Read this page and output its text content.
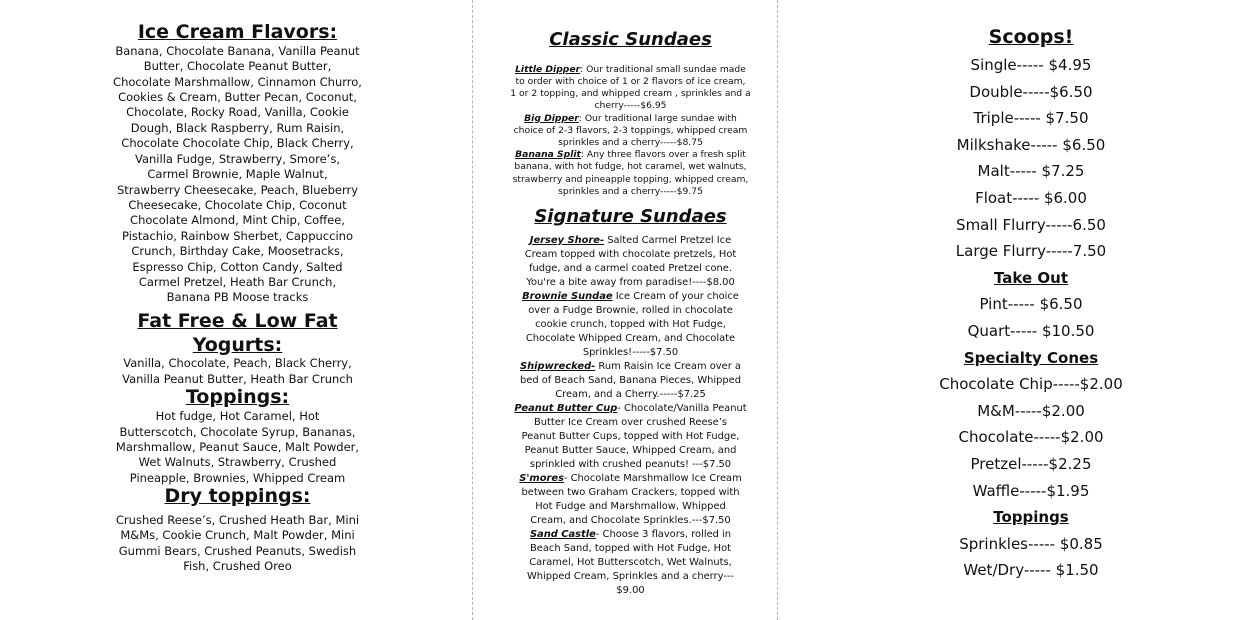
Ice Cream Flavors:

Banana, Chocolate Banana, Vanilla Peanut

Butter, Chocolate Peanut Butter,

Chocolate Marshmallow, Cinnamon Churro,

Cookies & Cream, Butter Pecan, Coconut,

Chocolate, Rocky Road, Vanilla, Cookie

Dough, Black Raspberry, Rum Raisin,

Chocolate Chocolate Chip, Black Cherry,

Vanilla Fudge, Strawberry, Smore’s,

Carmel Brownie, Maple Walnut,

Strawberry Cheesecake, Peach, Blueberry

Cheesecake, Chocolate Chip, Coconut

Chocolate Almond, Mint Chip, Coffee,

Pistachio, Rainbow Sherbet, Cappuccino

Crunch, Birthday Cake, Moosetracks,

Espresso Chip, Cotton Candy, Salted

Carmel Pretzel, Heath Bar Crunch,

Banana PB Moose tracks

Fat Free & Low Fat
Yogurts:

Vanilla, Chocolate, Peach, Black Cherry,

Vanilla Peanut Butter, Heath Bar Crunch

Toppings:

Hot fudge, Hot Caramel, Hot

Butterscotch, Chocolate Syrup, Bananas,

Marshmallow, Peanut Sauce, Malt Powder,

Wet Walnuts, Strawberry, Crushed

Pineapple, Brownies, Whipped Cream

Dry toppings:

Crushed Reese’s, Crushed Heath Bar, Mini

M&Ms, Cookie Crunch, Malt Powder, Mini

Gummi Bears, Crushed Peanuts, Swedish

Fish, Crushed Oreo

Classic Sundaes

Little Dipper: Our traditional small sundae made

to order with choice of 1 or 2 flavors of ice cream,

1 or 2 topping, and whipped cream , sprinkles and a

cherry-----$6.95

Big Dipper: Our traditional large sundae with

choice of 2-3 flavors, 2-3 toppings, whipped cream

sprinkles and a cherry-----$8.75

Banana Split: Any three flavors over a fresh split

banana, with hot fudge, hot caramel, wet walnuts,

strawberry and pineapple topping, whipped cream,

sprinkles and a cherry-----$9.75

Signature Sundaes

Jersey Shore- Salted Carmel Pretzel Ice

Cream topped with chocolate pretzels, Hot

fudge, and a carmel coated Pretzel cone.

You're a bite away from paradise!----$8.00

Brownie Sundae Ice Cream of your choice

over a Fudge Brownie, rolled in chocolate

cookie crunch, topped with Hot Fudge,

Chocolate Whipped Cream, and Chocolate

Sprinkles!-----$7.50

Shipwrecked- Rum Raisin Ice Cream over a

bed of Beach Sand, Banana Pieces, Whipped

Cream, and a Cherry.-----$7.25

Peanut Butter Cup- Chocolate/Vanilla Peanut

Butter Ice Cream over crushed Reese’s

Peanut Butter Cups, topped with Hot Fudge,

Peanut Butter Sauce, Whipped Cream, and

sprinkled with crushed peanuts! ---$7.50

S'mores- Chocolate Marshmallow Ice Cream

between two Graham Crackers, topped with

Hot Fudge and Marshmallow, Whipped

Cream, and Chocolate Sprinkles.---$7.50

Sand Castle- Choose 3 flavors, rolled in

Beach Sand, topped with Hot Fudge, Hot

Caramel, Hot Butterscotch, Wet Walnuts,

Whipped Cream, Sprinkles and a cherry---

$9.00

Scoops!

Single----- $4.95

Double-----$6.50

Triple----- $7.50

Milkshake----- $6.50

Malt----- $7.25

Float----- $6.00

Small Flurry-----6.50

Large Flurry-----7.50

Take Out

Pint----- $6.50

Quart----- $10.50

Specialty Cones

Chocolate Chip-----$2.00

M&M-----$2.00

Chocolate-----$2.00

Pretzel-----$2.25

Waffle-----$1.95

Toppings

Sprinkles----- $0.85

Wet/Dry----- $1.50
